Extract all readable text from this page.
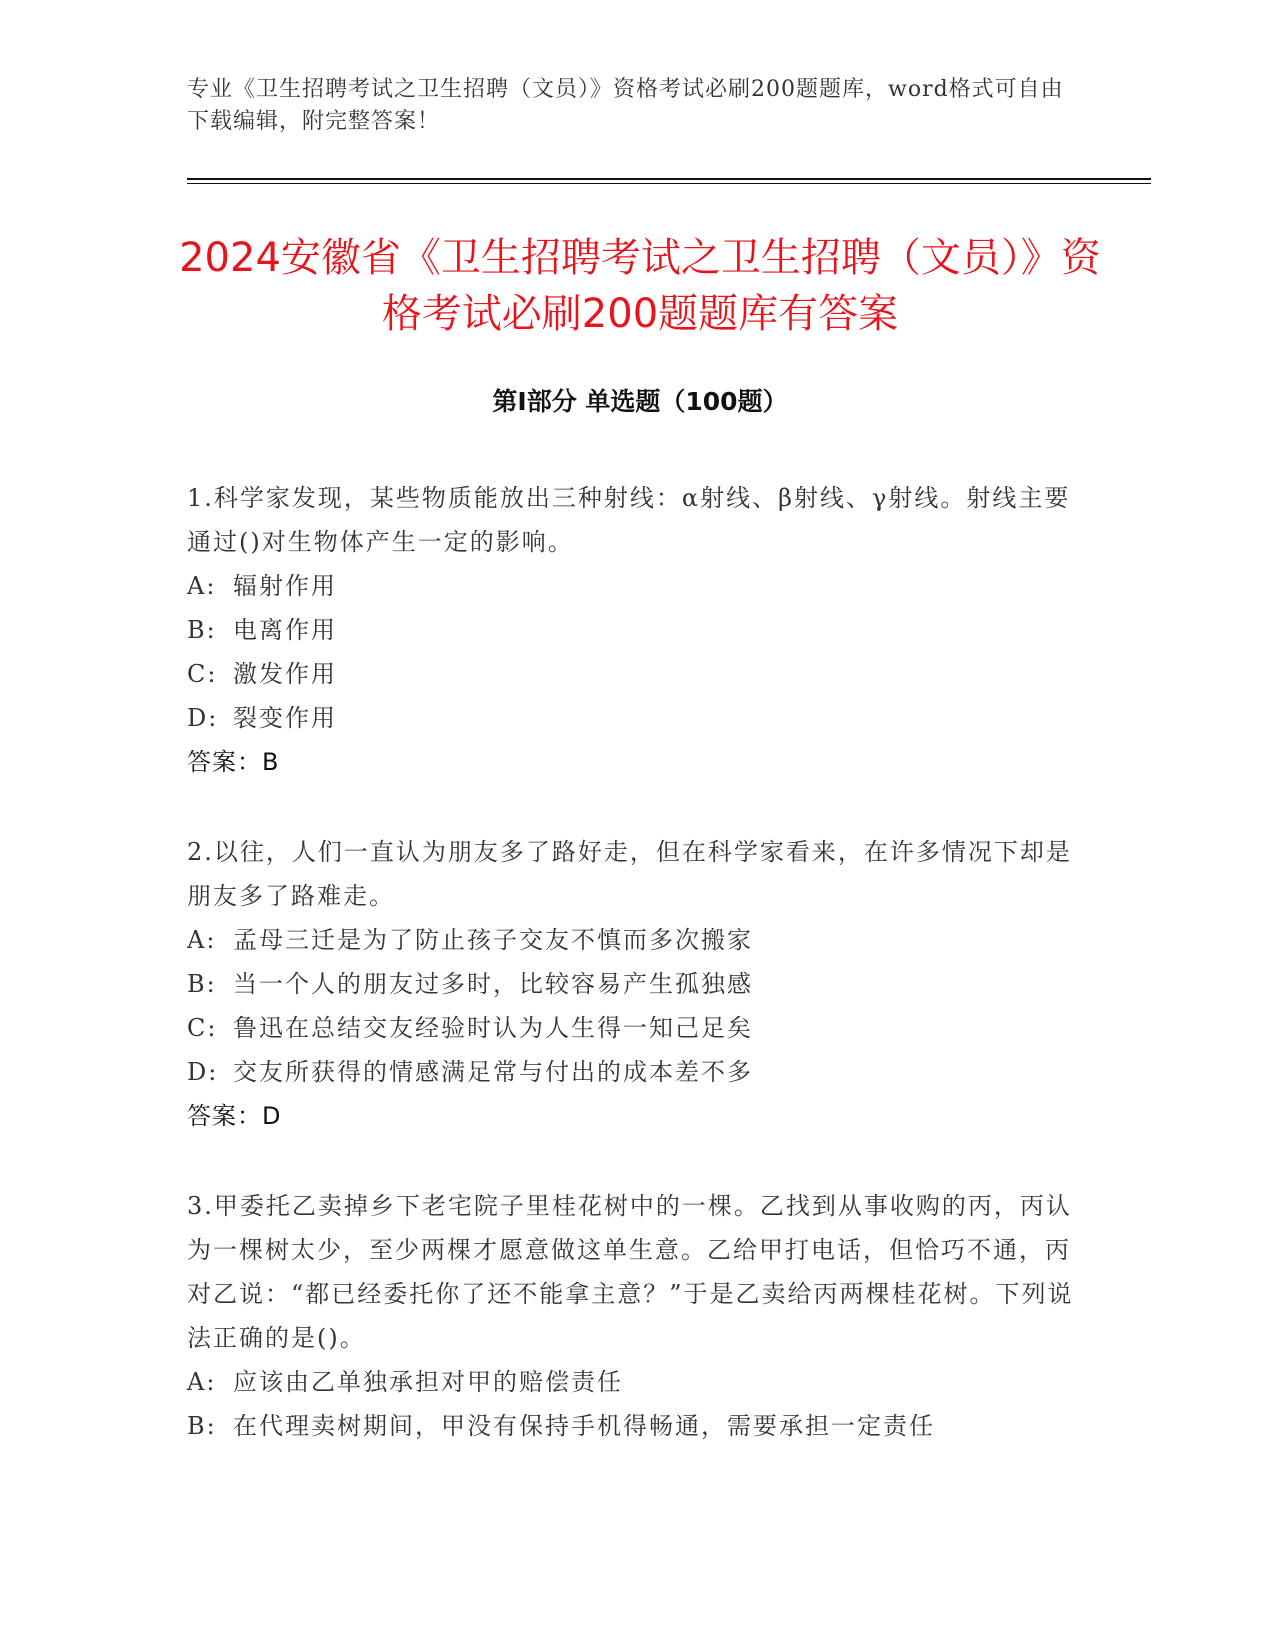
专业《卫生招聘考试之卫生招聘（文员）》资格考试必刷200题题库，word格式可自由下载编辑，附完整答案！
2024安徽省《卫生招聘考试之卫生招聘（文员）》资格考试必刷200题题库有答案
第I部分 单选题（100题）

1.科学家发现，某些物质能放出三种射线：α射线、β射线、γ射线。射线主要通过()对生物体产生一定的影响。

A: 辐射作用

B: 电离作用

C: 激发作用

D: 裂变作用

答案：B

2.以往，人们一直认为朋友多了路好走，但在科学家看来，在许多情况下却是朋友多了路难走。

A: 孟母三迁是为了防止孩子交友不慎而多次搬家

B: 当一个人的朋友过多时，比较容易产生孤独感

C: 鲁迅在总结交友经验时认为人生得一知己足矣

D: 交友所获得的情感满足常与付出的成本差不多

答案：D

3.甲委托乙卖掉乡下老宅院子里桂花树中的一棵。乙找到从事收购的丙，丙认为一棵树太少，至少两棵才愿意做这单生意。乙给甲打电话，但恰巧不通，丙对乙说：“都已经委托你了还不能拿主意？”于是乙卖给丙两棵桂花树。下列说法正确的是()。

A: 应该由乙单独承担对甲的赔偿责任

B: 在代理卖树期间，甲没有保持手机得畅通，需要承担一定责任
